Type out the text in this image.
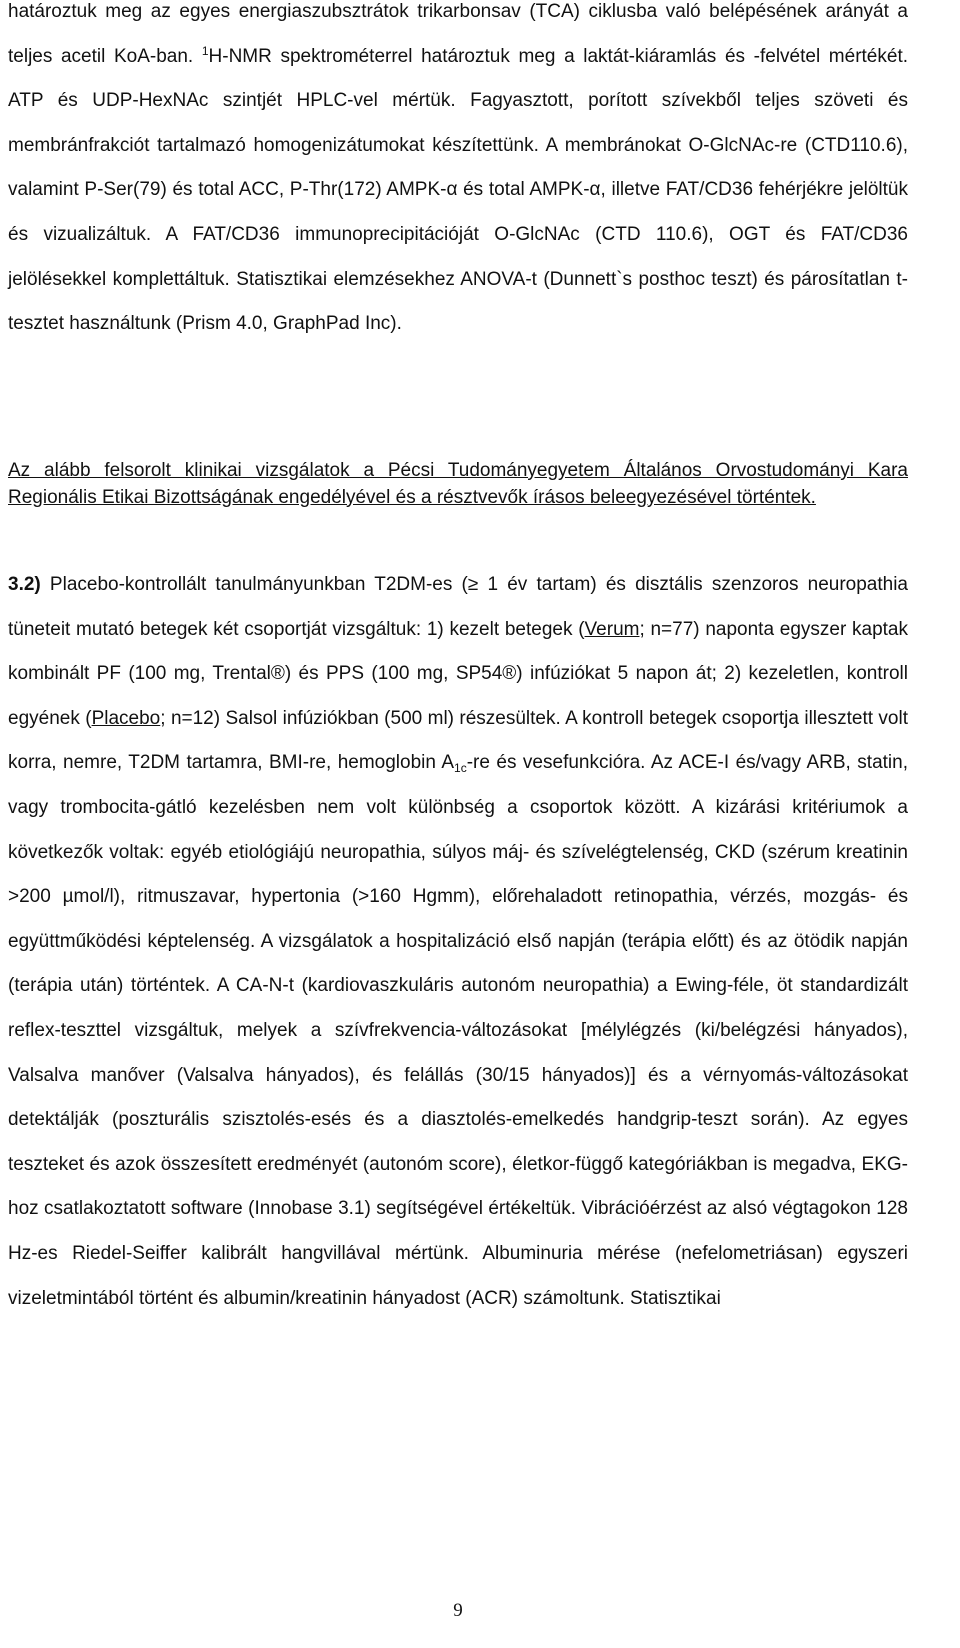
határoztuk meg az egyes energiaszubsztrátok trikarbonsav (TCA) ciklusba való belépésének arányát a teljes acetil KoA-ban. $^1$H-NMR spektrométerrel határoztuk meg a laktát-kiáramlás és -felvétel mértékét. ATP és UDP-HexNAc szintjét HPLC-vel mértük. Fagyasztott, porított szívekből teljes szöveti és membránfrakciót tartalmazó homogenizátumokat készítettünk. A membránokat O-GlcNAc-re (CTD110.6), valamint P-Ser(79) és total ACC, P-Thr(172) AMPK-α és total AMPK-α, illetve FAT/CD36 fehérjékre jelöltük és vizualizáltuk. A FAT/CD36 immunoprecipitációját O-GlcNAc (CTD 110.6), OGT és FAT/CD36 jelölésekkel komplettáltuk. Statisztikai elemzésekhez ANOVA-t (Dunnett`s posthoc teszt) és párosítatlan t-tesztet használtunk (Prism 4.0, GraphPad Inc).

Az alább felsorolt klinikai vizsgálatok a Pécsi Tudományegyetem Általános Orvostudományi Kara Regionális Etikai Bizottságának engedélyével és a résztvevők írásos beleegyezésével történtek.

3.2) Placebo-kontrollált tanulmányunkban T2DM-es (≥ 1 év tartam) és disztális szenzoros neuropathia tüneteit mutató betegek két csoportját vizsgáltuk: 1) kezelt betegek (Verum; n=77) naponta egyszer kaptak kombinált PF (100 mg, Trental®) és PPS (100 mg, SP54®) infúziókat 5 napon át; 2) kezeletlen, kontroll egyének (Placebo; n=12) Salsol infúziókban (500 ml) részesültek. A kontroll betegek csoportja illesztett volt korra, nemre, T2DM tartamra, BMI-re, hemoglobin $A_{1c}-re$ és vesefunkcióra. Az ACE-I és/vagy ARB, statin, vagy trombocita-gátló kezelésben nem volt különbség a csoportok között. A kizárási kritériumok a következők voltak: egyéb etiológiájú neuropathia, súlyos máj- és szívelégtelenség, CKD (szérum kreatinin >200 µmol/l), ritmuszavar, hypertonia (>160 Hgmm), előrehaladott retinopathia, vérzés, mozgás- és együttműködési képtelenség. A vizsgálatok a hospitalizáció első napján (terápia előtt) és az ötödik napján (terápia után) történtek. A CA-N-t (kardiovaszkuláris autonóm neuropathia) a Ewing-féle, öt standardizált reflex-teszttel vizsgáltuk, melyek a szívfrekvencia-változásokat [mélylégzés (ki/belégzési hányados), Valsalva manőver (Valsalva hányados), és felállás (30/15 hányados)] és a vérnyomás-változásokat detektálják (poszturális szisztolés-esés és a diasztolés-emelkedés handgrip-teszt során). Az egyes teszteket és azok összesített eredményét (autonóm score), életkor-függő kategóriákban is megadva, EKG-hoz csatlakoztatott software (Innobase 3.1) segítségével értékeltük. Vibrációérzést az alsó végtagokon 128 Hz-es Riedel-Seiffer kalibrált hangvillával mértünk. Albuminuria mérése (nefelometriásan) egyszeri vizeletmintából történt és albumin/kreatinin hányadost (ACR) számoltunk. Statisztikai

9
